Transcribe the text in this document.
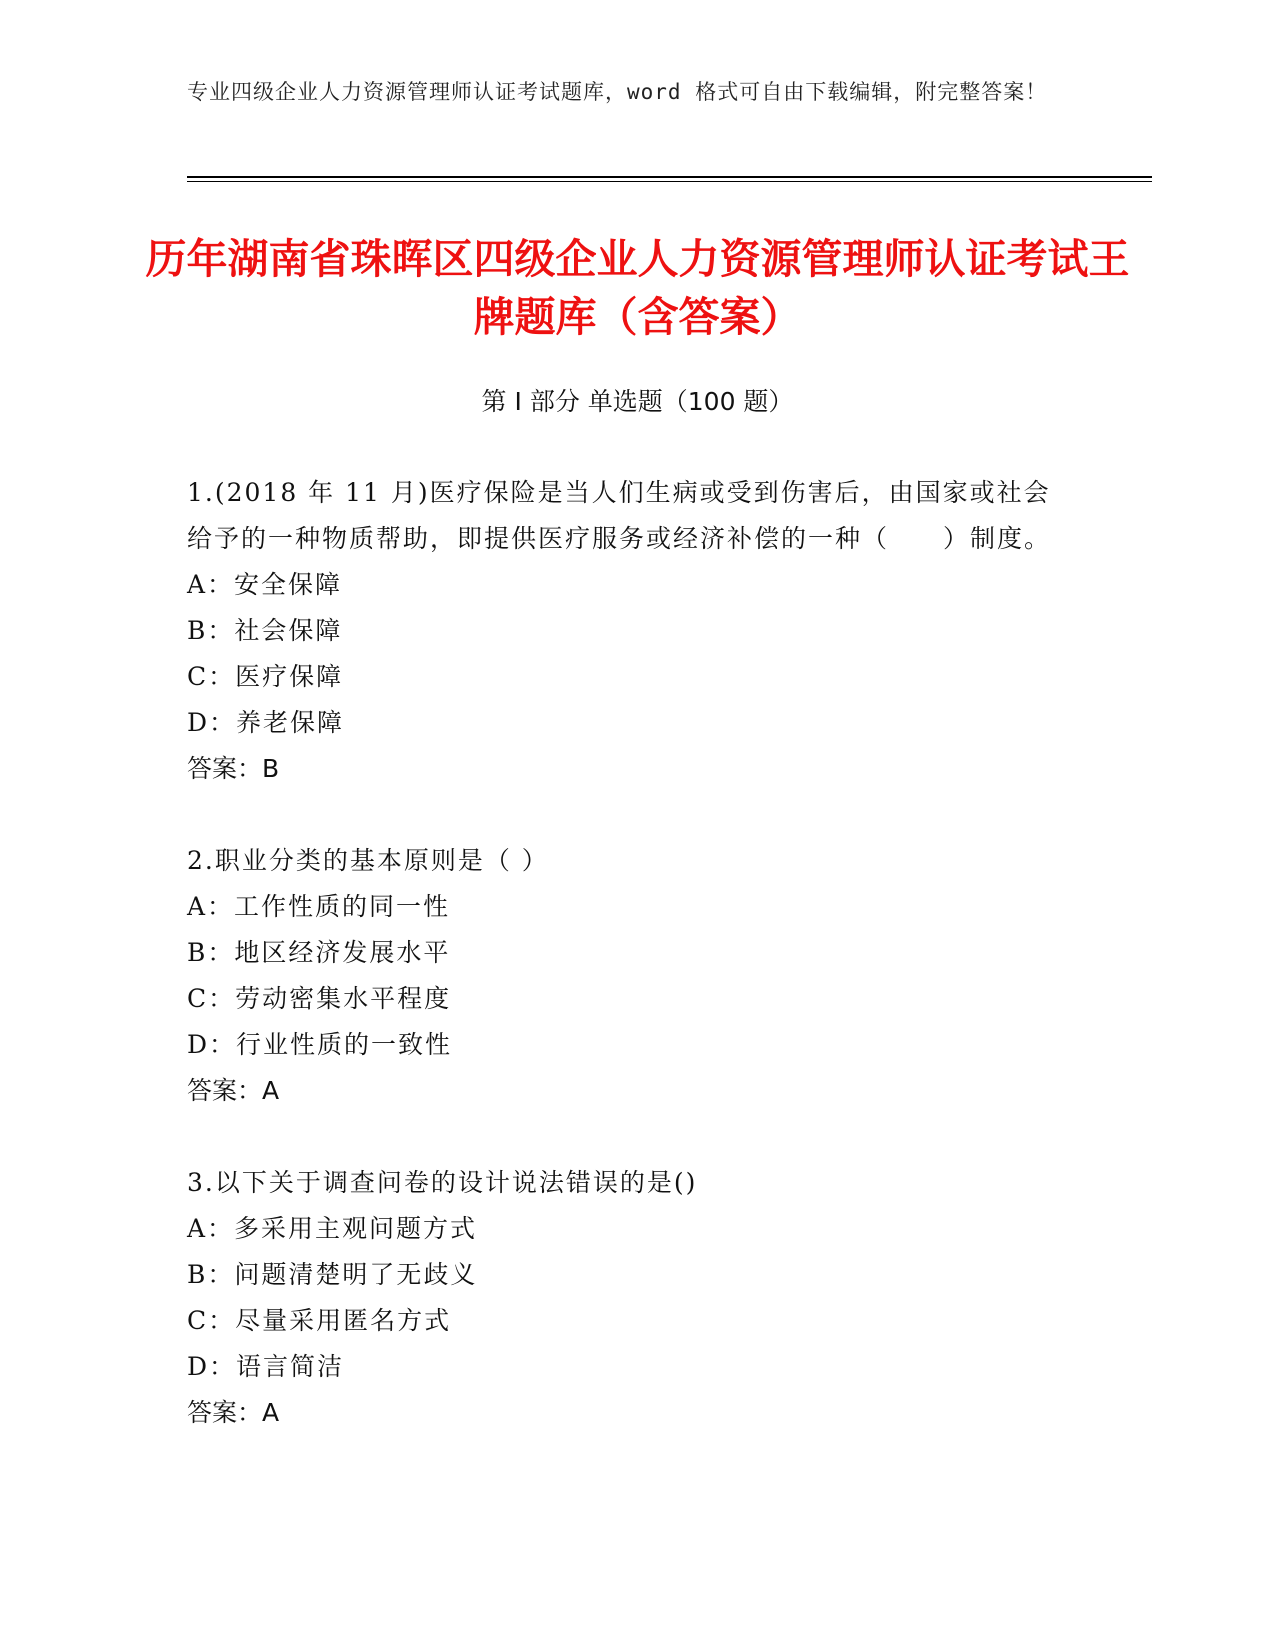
专业四级企业人力资源管理师认证考试题库，word 格式可自由下载编辑，附完整答案！
历年湖南省珠晖区四级企业人力资源管理师认证考试王牌题库（含答案）
第 I 部分 单选题（100 题）

1.(2018 年 11 月)医疗保险是当人们生病或受到伤害后，由国家或社会给予的一种物质帮助，即提供医疗服务或经济补偿的一种（　　）制度。

A：安全保障

B：社会保障

C：医疗保障

D：养老保障

答案：B

2.职业分类的基本原则是（ ）

A：工作性质的同一性

B：地区经济发展水平

C：劳动密集水平程度

D：行业性质的一致性

答案：A

3.以下关于调查问卷的设计说法错误的是()

A：多采用主观问题方式

B：问题清楚明了无歧义

C：尽量采用匿名方式

D：语言简洁

答案：A
